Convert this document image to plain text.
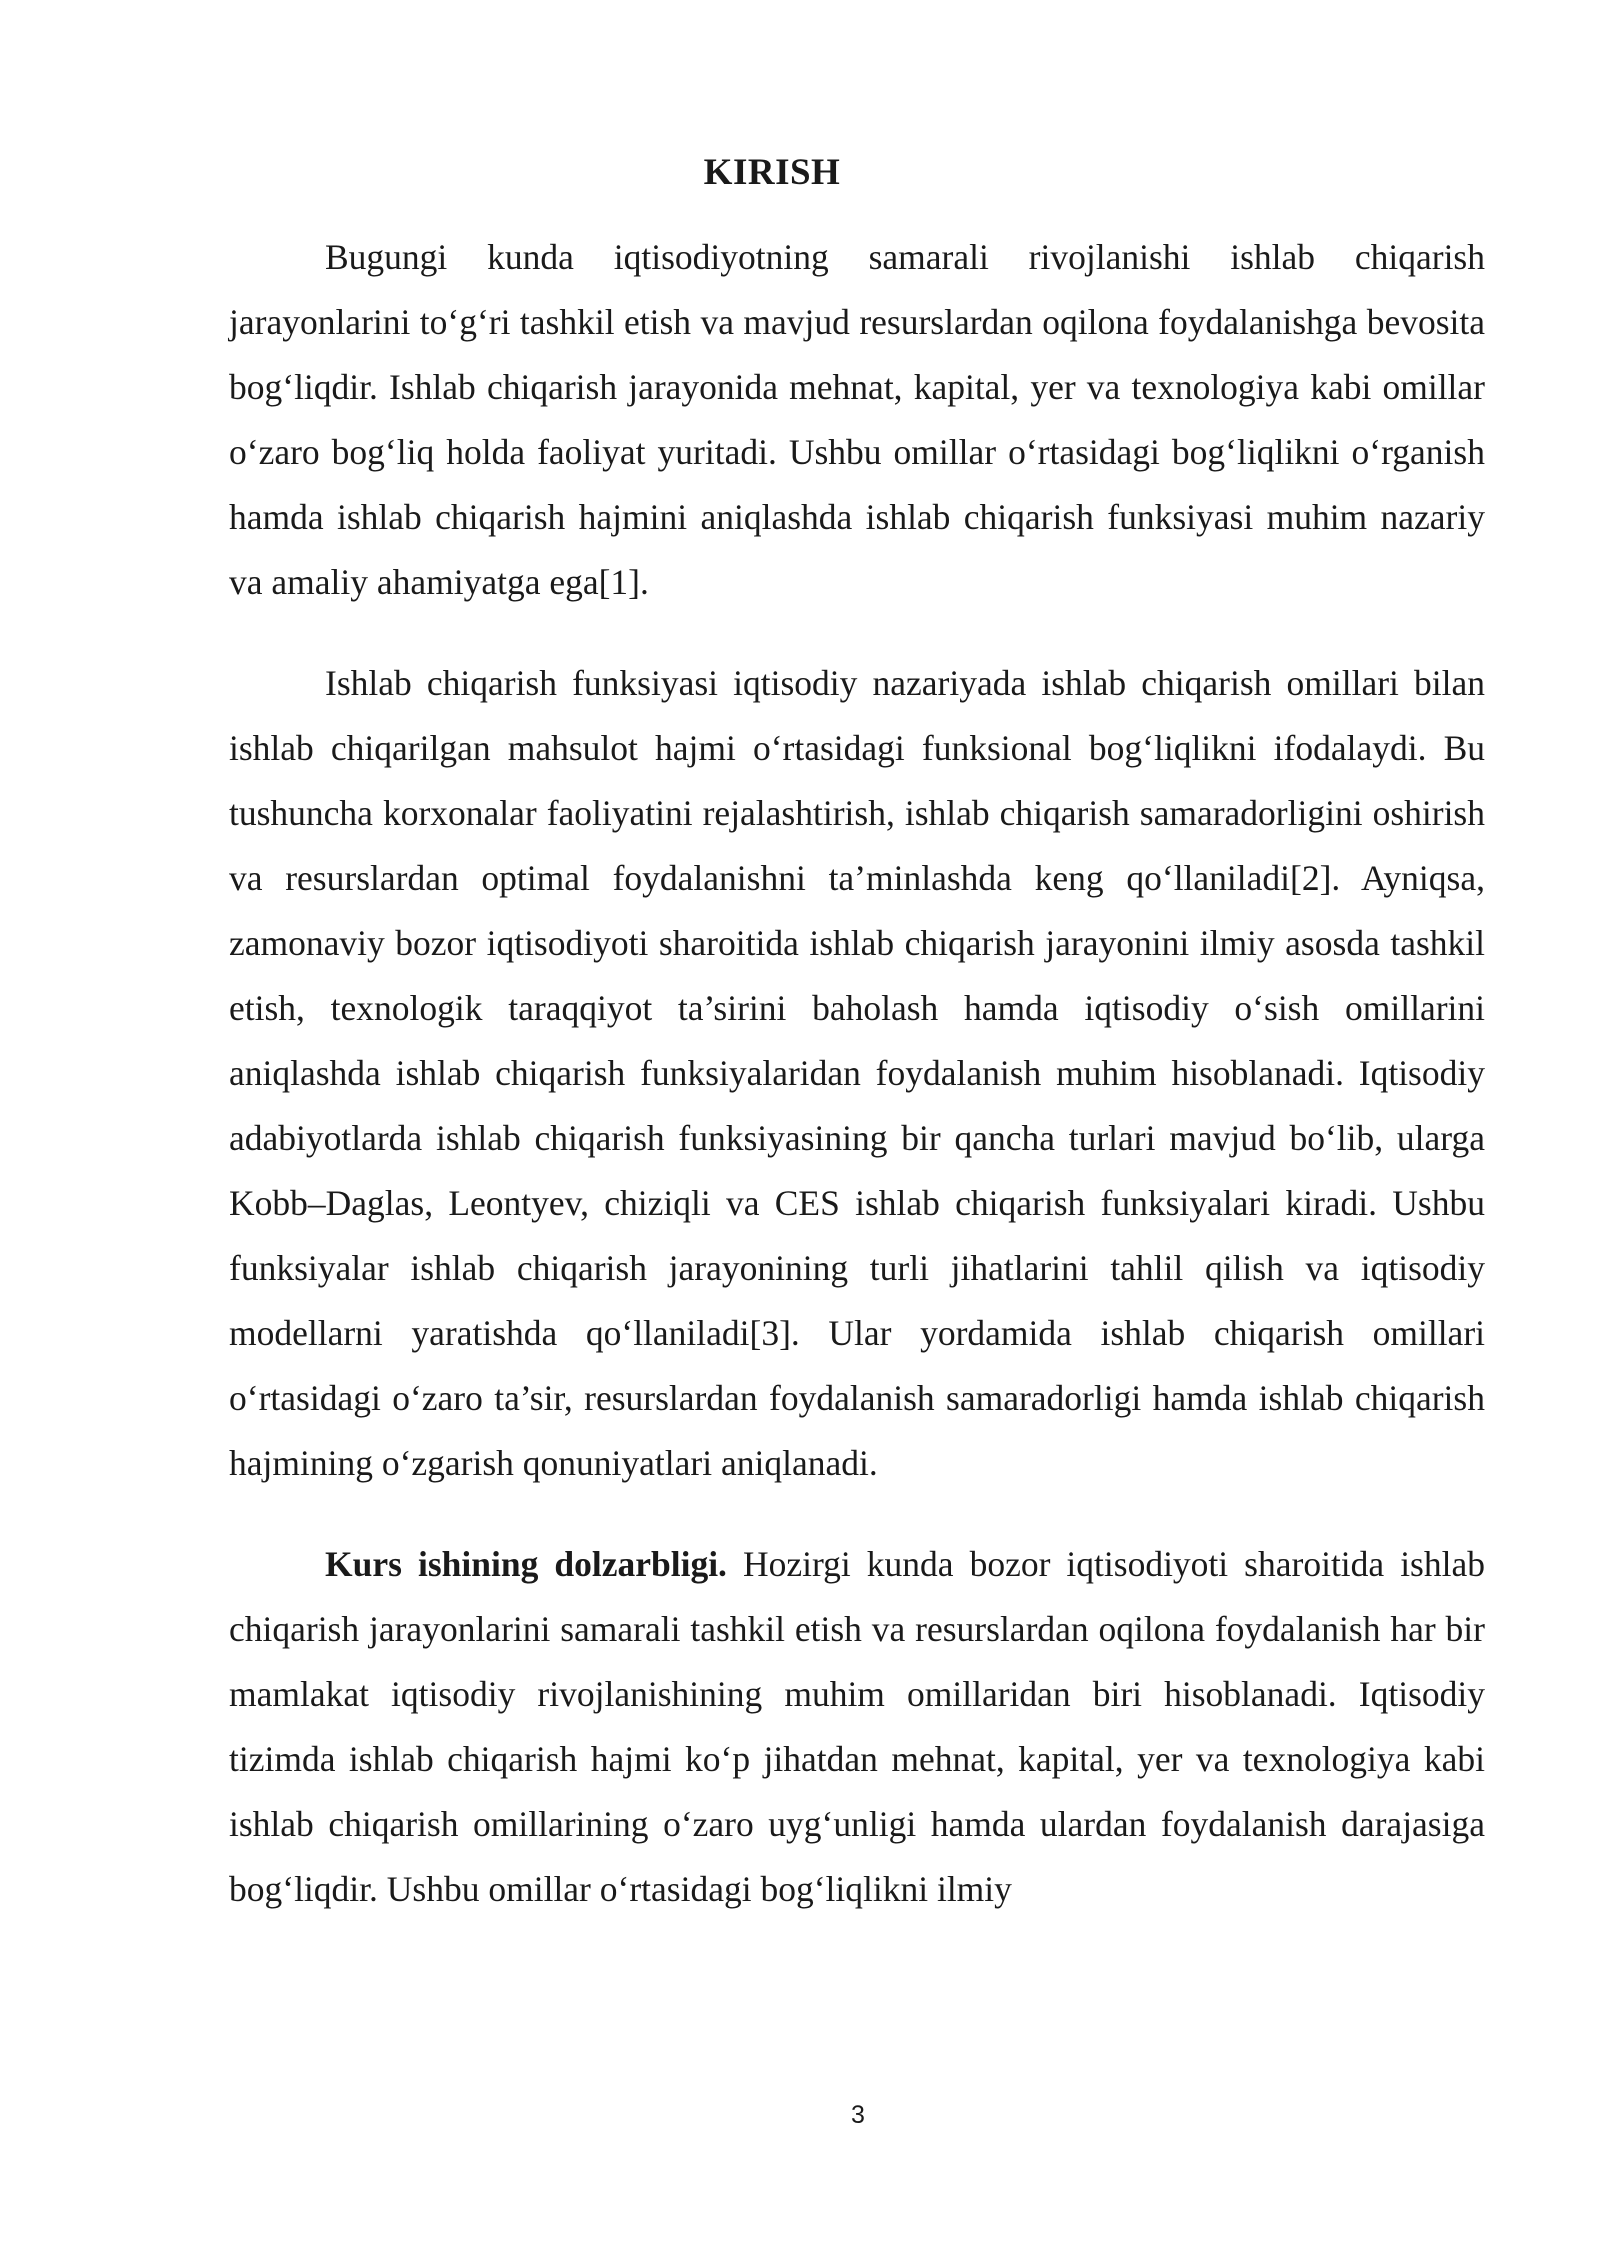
KIRISH

Bugungi kunda iqtisodiyotning samarali rivojlanishi ishlab chiqarish jarayonlarini to‘g‘ri tashkil etish va mavjud resurslardan oqilona foydalanishga bevosita bog‘liqdir. Ishlab chiqarish jarayonida mehnat, kapital, yer va texnologiya kabi omillar o‘zaro bog‘liq holda faoliyat yuritadi. Ushbu omillar o‘rtasidagi bog‘liqlikni o‘rganish hamda ishlab chiqarish hajmini aniqlashda ishlab chiqarish funksiyasi muhim nazariy va amaliy ahamiyatga ega[1].

Ishlab chiqarish funksiyasi iqtisodiy nazariyada ishlab chiqarish omillari bilan ishlab chiqarilgan mahsulot hajmi o‘rtasidagi funksional bog‘liqlikni ifodalaydi. Bu tushuncha korxonalar faoliyatini rejalashtirish, ishlab chiqarish samaradorligini oshirish va resurslardan optimal foydalanishni ta’minlashda keng qo‘llaniladi[2]. Ayniqsa, zamonaviy bozor iqtisodiyoti sharoitida ishlab chiqarish jarayonini ilmiy asosda tashkil etish, texnologik taraqqiyot ta’sirini baholash hamda iqtisodiy o‘sish omillarini aniqlashda ishlab chiqarish funksiyalaridan foydalanish muhim hisoblanadi. Iqtisodiy adabiyotlarda ishlab chiqarish funksiyasining bir qancha turlari mavjud bo‘lib, ularga Kobb–Daglas, Leontyev, chiziqli va CES ishlab chiqarish funksiyalari kiradi. Ushbu funksiyalar ishlab chiqarish jarayonining turli jihatlarini tahlil qilish va iqtisodiy modellarni yaratishda qo‘llaniladi[3]. Ular yordamida ishlab chiqarish omillari o‘rtasidagi o‘zaro ta’sir, resurslardan foydalanish samaradorligi hamda ishlab chiqarish hajmining o‘zgarish qonuniyatlari aniqlanadi.

Kurs ishining dolzarbligi. Hozirgi kunda bozor iqtisodiyoti sharoitida ishlab chiqarish jarayonlarini samarali tashkil etish va resurslardan oqilona foydalanish har bir mamlakat iqtisodiy rivojlanishining muhim omillaridan biri hisoblanadi. Iqtisodiy tizimda ishlab chiqarish hajmi ko‘p jihatdan mehnat, kapital, yer va texnologiya kabi ishlab chiqarish omillarining o‘zaro uyg‘unligi hamda ulardan foydalanish darajasiga bog‘liqdir. Ushbu omillar o‘rtasidagi bog‘liqlikni ilmiy

3
